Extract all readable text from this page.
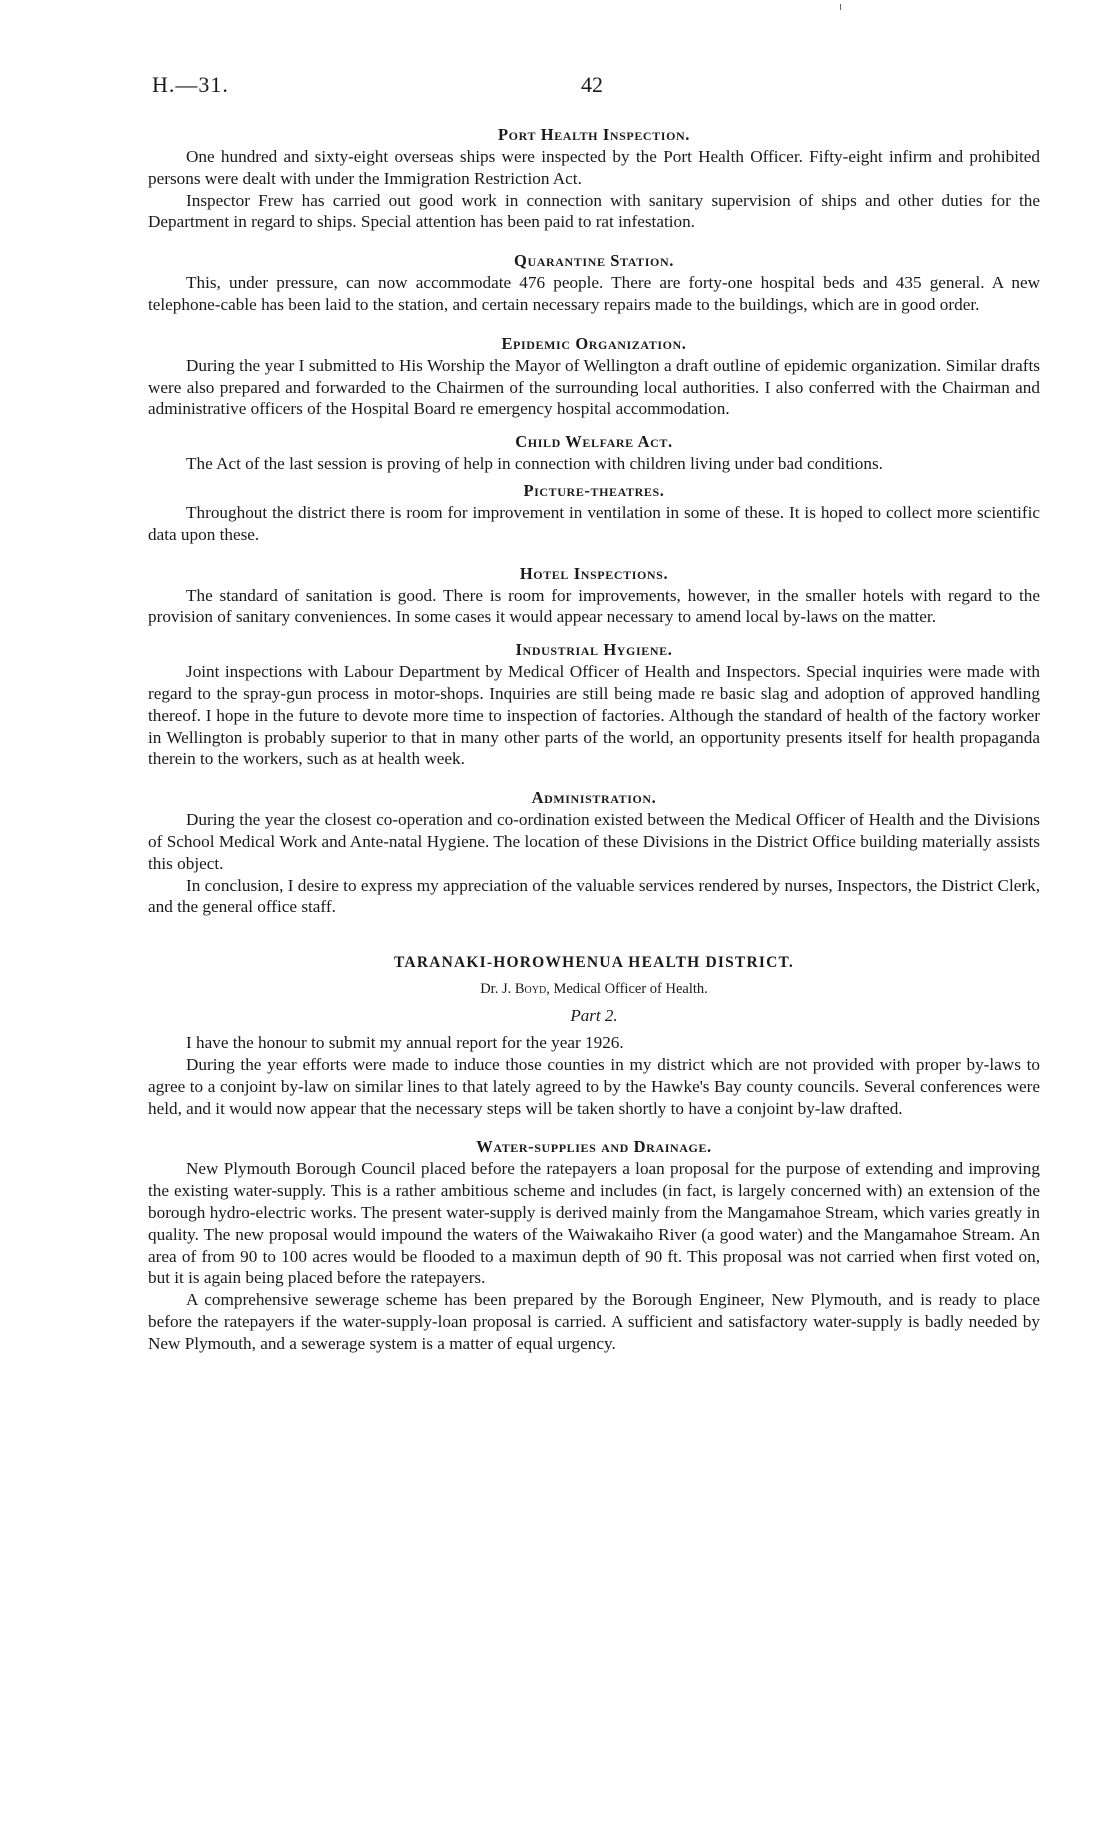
H.—31.	42
Port Health Inspection.

One hundred and sixty-eight overseas ships were inspected by the Port Health Officer. Fifty-eight infirm and prohibited persons were dealt with under the Immigration Restriction Act.

Inspector Frew has carried out good work in connection with sanitary supervision of ships and other duties for the Department in regard to ships. Special attention has been paid to rat infestation.

Quarantine Station.

This, under pressure, can now accommodate 476 people. There are forty-one hospital beds and 435 general. A new telephone-cable has been laid to the station, and certain necessary repairs made to the buildings, which are in good order.

Epidemic Organization.

During the year I submitted to His Worship the Mayor of Wellington a draft outline of epidemic organization. Similar drafts were also prepared and forwarded to the Chairmen of the surrounding local authorities. I also conferred with the Chairman and administrative officers of the Hospital Board re emergency hospital accommodation.

Child Welfare Act.

The Act of the last session is proving of help in connection with children living under bad conditions.

Picture-theatres.

Throughout the district there is room for improvement in ventilation in some of these. It is hoped to collect more scientific data upon these.

Hotel Inspections.

The standard of sanitation is good. There is room for improvements, however, in the smaller hotels with regard to the provision of sanitary conveniences. In some cases it would appear necessary to amend local by-laws on the matter.

Industrial Hygiene.

Joint inspections with Labour Department by Medical Officer of Health and Inspectors. Special inquiries were made with regard to the spray-gun process in motor-shops. Inquiries are still being made re basic slag and adoption of approved handling thereof. I hope in the future to devote more time to inspection of factories. Although the standard of health of the factory worker in Wellington is probably superior to that in many other parts of the world, an opportunity presents itself for health propaganda therein to the workers, such as at health week.

Administration.

During the year the closest co-operation and co-ordination existed between the Medical Officer of Health and the Divisions of School Medical Work and Ante-natal Hygiene. The location of these Divisions in the District Office building materially assists this object.

In conclusion, I desire to express my appreciation of the valuable services rendered by nurses, Inspectors, the District Clerk, and the general office staff.

TARANAKI-HOROWHENUA HEALTH DISTRICT.
Dr. J. Boyd, Medical Officer of Health.
Part 2.

I have the honour to submit my annual report for the year 1926.

During the year efforts were made to induce those counties in my district which are not provided with proper by-laws to agree to a conjoint by-law on similar lines to that lately agreed to by the Hawke's Bay county councils. Several conferences were held, and it would now appear that the necessary steps will be taken shortly to have a conjoint by-law drafted.

Water-supplies and Drainage.

New Plymouth Borough Council placed before the ratepayers a loan proposal for the purpose of extending and improving the existing water-supply. This is a rather ambitious scheme and includes (in fact, is largely concerned with) an extension of the borough hydro-electric works. The present water-supply is derived mainly from the Mangamahoe Stream, which varies greatly in quality. The new proposal would impound the waters of the Waiwakaiho River (a good water) and the Mangamahoe Stream. An area of from 90 to 100 acres would be flooded to a maximun depth of 90 ft. This proposal was not carried when first voted on, but it is again being placed before the ratepayers.

A comprehensive sewerage scheme has been prepared by the Borough Engineer, New Plymouth, and is ready to place before the ratepayers if the water-supply-loan proposal is carried. A sufficient and satisfactory water-supply is badly needed by New Plymouth, and a sewerage system is a matter of equal urgency.
